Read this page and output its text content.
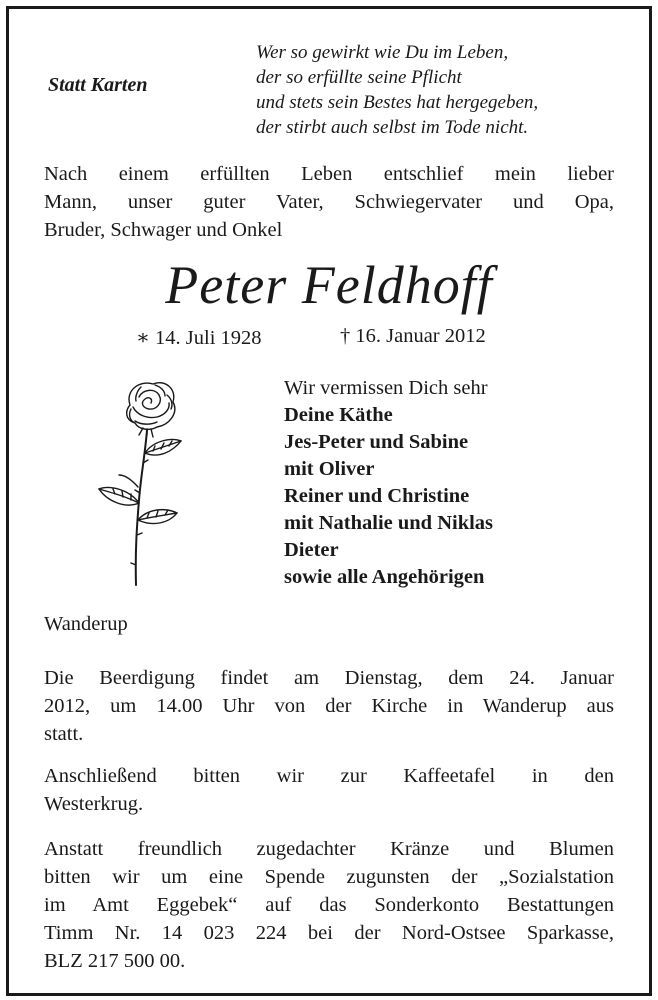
Statt Karten
Wer so gewirkt wie Du im Leben,
der so erfüllte seine Pflicht
und stets sein Bestes hat hergegeben,
der stirbt auch selbst im Tode nicht.
Nach einem erfüllten Leben entschlief mein lieber
Mann, unser guter Vater, Schwiegervater und Opa,
Bruder, Schwager und Onkel
Peter Feldhoff
∗ 14. Juli 1928	† 16. Januar 2012
Wir vermissen Dich sehr
Deine Käthe
Jes-Peter und Sabine
mit Oliver
Reiner und Christine
mit Nathalie und Niklas
Dieter
sowie alle Angehörigen
Wanderup
Die Beerdigung findet am Dienstag, dem 24. Januar
2012, um 14.00 Uhr von der Kirche in Wanderup aus
statt.
Anschließend bitten wir zur Kaffeetafel in den
Westerkrug.
Anstatt freundlich zugedachter Kränze und Blumen
bitten wir um eine Spende zugunsten der „Sozialstation
im Amt Eggebek“ auf das Sonderkonto Bestattungen
Timm Nr. 14 023 224 bei der Nord-Ostsee Sparkasse,
BLZ 217 500 00.
